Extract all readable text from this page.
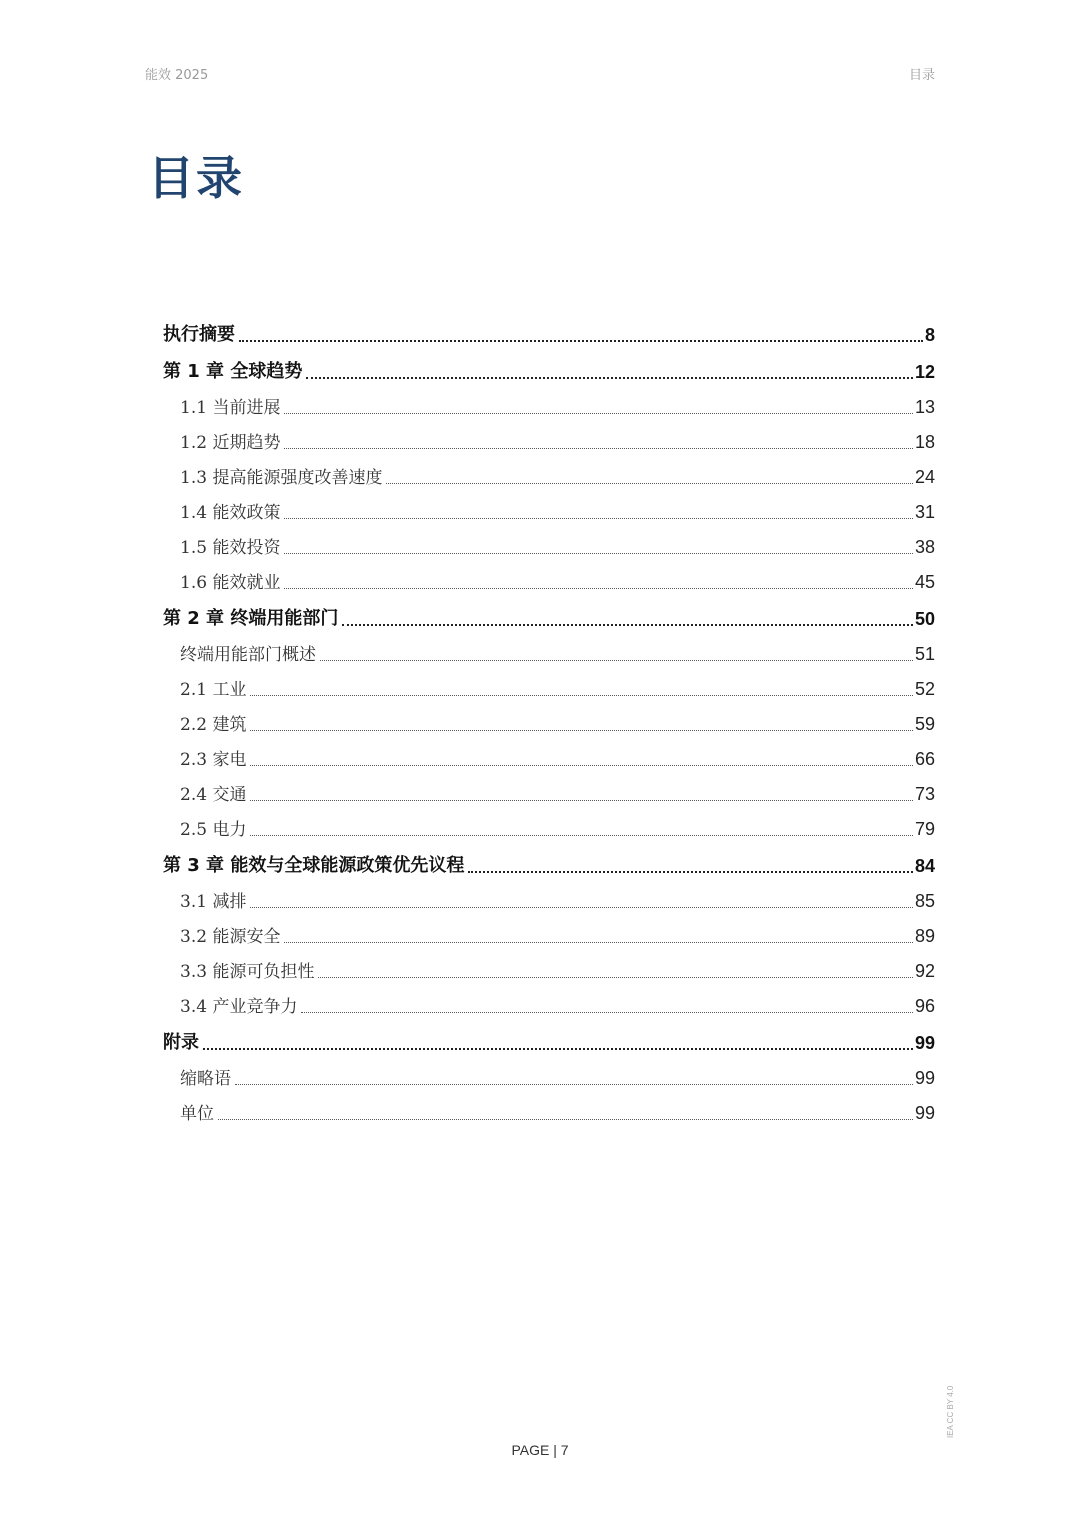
能效 2025	目录
目录
执行摘要	8
第 1 章 全球趋势	12
1.1 当前进展	13
1.2 近期趋势	18
1.3 提高能源强度改善速度	24
1.4 能效政策	31
1.5 能效投资	38
1.6 能效就业	45
第 2 章 终端用能部门	50
终端用能部门概述	51
2.1 工业	52
2.2 建筑	59
2.3 家电	66
2.4 交通	73
2.5 电力	79
第 3 章 能效与全球能源政策优先议程	84
3.1 减排	85
3.2 能源安全	89
3.3 能源可负担性	92
3.4 产业竞争力	96
附录	99
缩略语	99
单位	99
PAGE | 7
IEA CC BY 4.0
